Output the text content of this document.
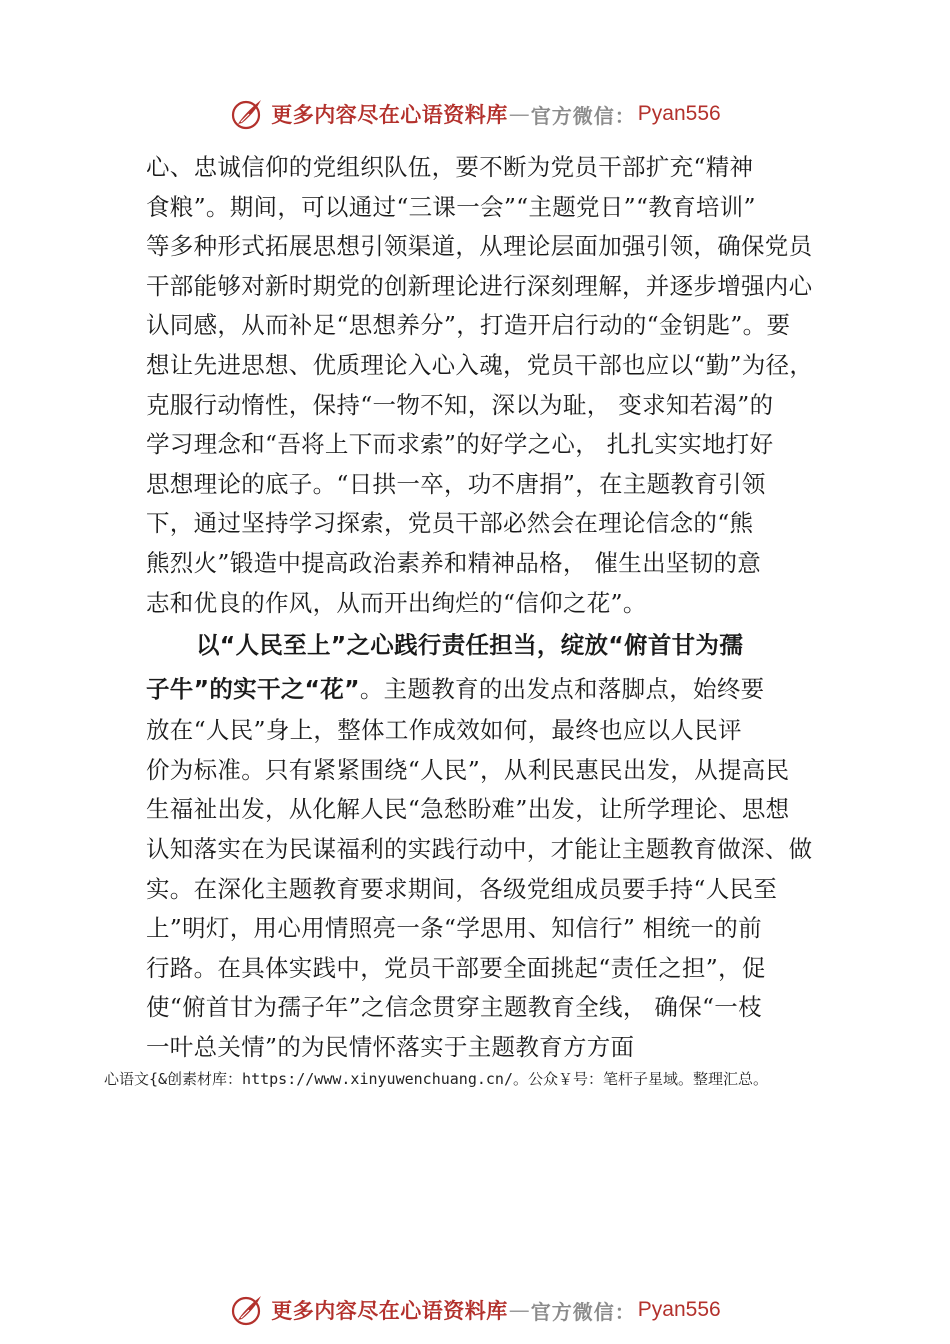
更多内容尽在心语资料库 — 官方微信： Pyan556
心、忠诚信仰的党组织队伍，要不断为党员干部扩充“精神
食粮”。期间，可以通过“三课一会”“主题党日”“教育培训”
等多种形式拓展思想引领渠道，从理论层面加强引领，确保党员
干部能够对新时期党的创新理论进行深刻理解，并逐步增强内心
认同感，从而补足“思想养分”，打造开启行动的“金钥匙”。要
想让先进思想、优质理论入心入魂，党员干部也应以“勤”为径，
克服行动惰性，保持“一物不知，深以为耻， 变求知若渴”的
学习理念和“吾将上下而求索”的好学之心， 扎扎实实地打好
思想理论的底子。“日拱一卒，功不唐捐”，在主题教育引领
下，通过坚持学习探索，党员干部必然会在理论信念的“熊
熊烈火”锻造中提高政治素养和精神品格， 催生出坚韧的意
志和优良的作风，从而开出绚烂的“信仰之花”。
以“人民至上”之心践行责任担当，绽放“俯首甘为孺
子牛”的实干之“花”。主题教育的出发点和落脚点，始终要
放在“人民”身上，整体工作成效如何，最终也应以人民评
价为标准。只有紧紧围绕“人民”，从利民惠民出发，从提高民
生福祉出发，从化解人民“急愁盼难”出发，让所学理论、思想
认知落实在为民谋福利的实践行动中，才能让主题教育做深、做
实。在深化主题教育要求期间，各级党组成员要手持“人民至
上”明灯，用心用情照亮一条“学思用、知信行” 相统一的前
行路。在具体实践中，党员干部要全面挑起“责任之担”，促
使“俯首甘为孺子年”之信念贯穿主题教育全线， 确保“一枝
一叶总关情”的为民情怀落实于主题教育方方面
心语文{&创素材库：https://www.xinyuwenchuang.cn/。公众￥号：笔杆子星域。整理汇总。
更多内容尽在心语资料库 — 官方微信： Pyan556
